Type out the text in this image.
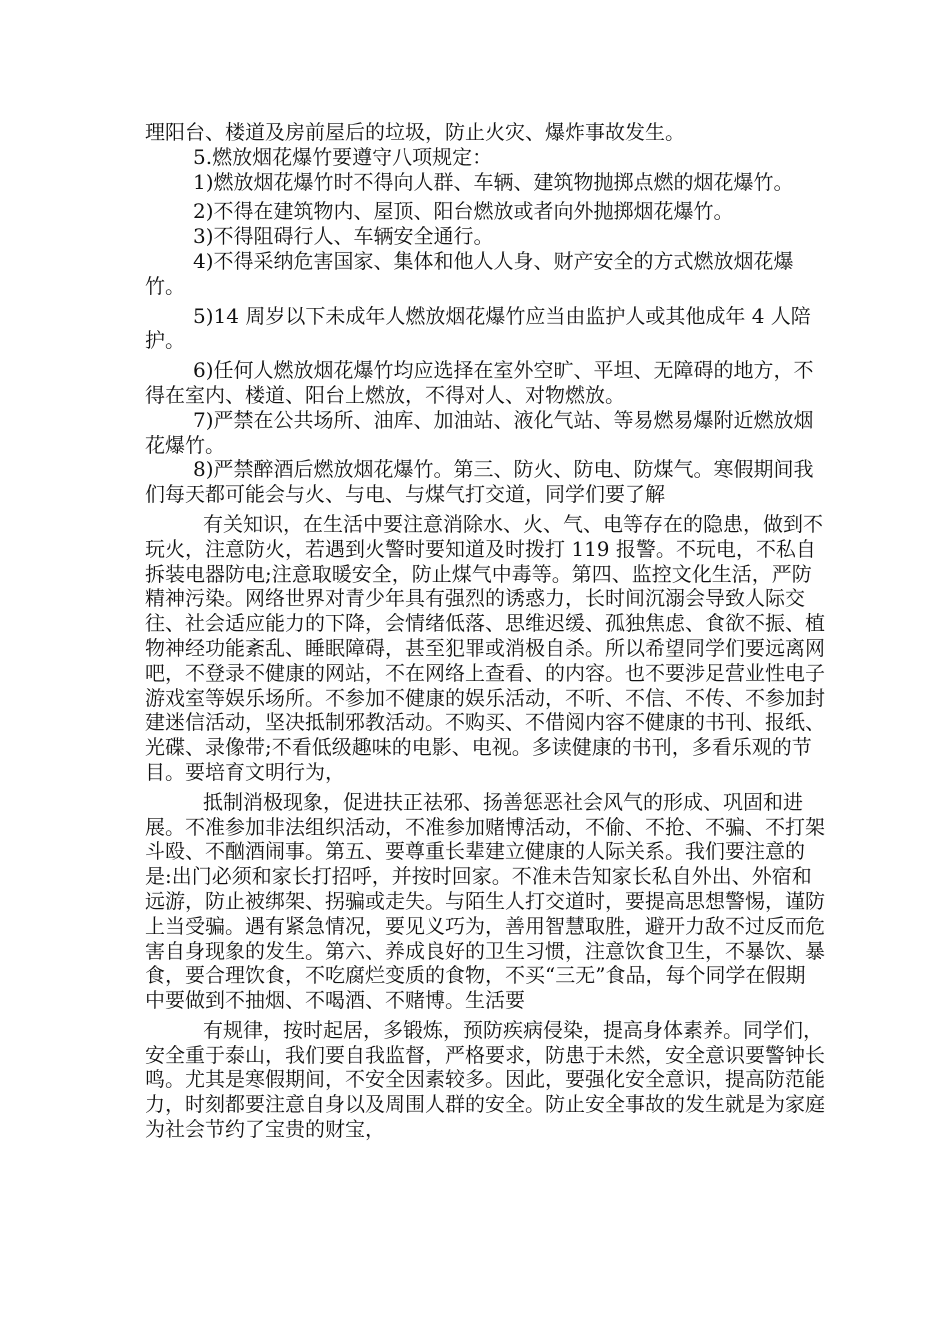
理阳台、楼道及房前屋后的垃圾，防止火灾、爆炸事故发生。

5.燃放烟花爆竹要遵守八项规定：

1)燃放烟花爆竹时不得向人群、车辆、建筑物抛掷点燃的烟花爆竹。

2)不得在建筑物内、屋顶、阳台燃放或者向外抛掷烟花爆竹。

3)不得阻碍行人、车辆安全通行。

4)不得采纳危害国家、集体和他人人身、财产安全的方式燃放烟花爆竹。

5)14 周岁以下未成年人燃放烟花爆竹应当由监护人或其他成年 4 人陪护。

6)任何人燃放烟花爆竹均应选择在室外空旷、平坦、无障碍的地方，不得在室内、楼道、阳台上燃放，不得对人、对物燃放。

7)严禁在公共场所、油库、加油站、液化气站、等易燃易爆附近燃放烟花爆竹。

8)严禁醉酒后燃放烟花爆竹。第三、防火、防电、防煤气。寒假期间我们每天都可能会与火、与电、与煤气打交道，同学们要了解

有关知识，在生活中要注意消除水、火、气、电等存在的隐患，做到不玩火，注意防火，若遇到火警时要知道及时拨打 119 报警。不玩电，不私自拆装电器防电;注意取暖安全，防止煤气中毒等。第四、监控文化生活，严防精神污染。网络世界对青少年具有强烈的诱惑力，长时间沉溺会导致人际交往、社会适应能力的下降，会情绪低落、思维迟缓、孤独焦虑、食欲不振、植物神经功能紊乱、睡眠障碍，甚至犯罪或消极自杀。所以希望同学们要远离网吧，不登录不健康的网站，不在网络上查看、的内容。也不要涉足营业性电子游戏室等娱乐场所。不参加不健康的娱乐活动，不听、不信、不传、不参加封建迷信活动，坚决抵制邪教活动。不购买、不借阅内容不健康的书刊、报纸、光碟、录像带;不看低级趣味的电影、电视。多读健康的书刊，多看乐观的节目。要培育文明行为，

抵制消极现象，促进扶正祛邪、扬善惩恶社会风气的形成、巩固和进展。不准参加非法组织活动，不准参加赌博活动，不偷、不抢、不骗、不打架斗殴、不酗酒闹事。第五、要尊重长辈建立健康的人际关系。我们要注意的是:出门必须和家长打招呼，并按时回家。不准未告知家长私自外出、外宿和远游，防止被绑架、拐骗或走失。与陌生人打交道时，要提高思想警惕，谨防上当受骗。遇有紧急情况，要见义巧为，善用智慧取胜，避开力敌不过反而危害自身现象的发生。第六、养成良好的卫生习惯，注意饮食卫生，不暴饮、暴食，要合理饮食，不吃腐烂变质的食物，不买“三无”食品，每个同学在假期中要做到不抽烟、不喝酒、不赌博。生活要

有规律，按时起居，多锻炼，预防疾病侵染，提高身体素养。同学们，安全重于泰山，我们要自我监督，严格要求，防患于未然，安全意识要警钟长鸣。尤其是寒假期间，不安全因素较多。因此，要强化安全意识，提高防范能力，时刻都要注意自身以及周围人群的安全。防止安全事故的发生就是为家庭为社会节约了宝贵的财宝，
